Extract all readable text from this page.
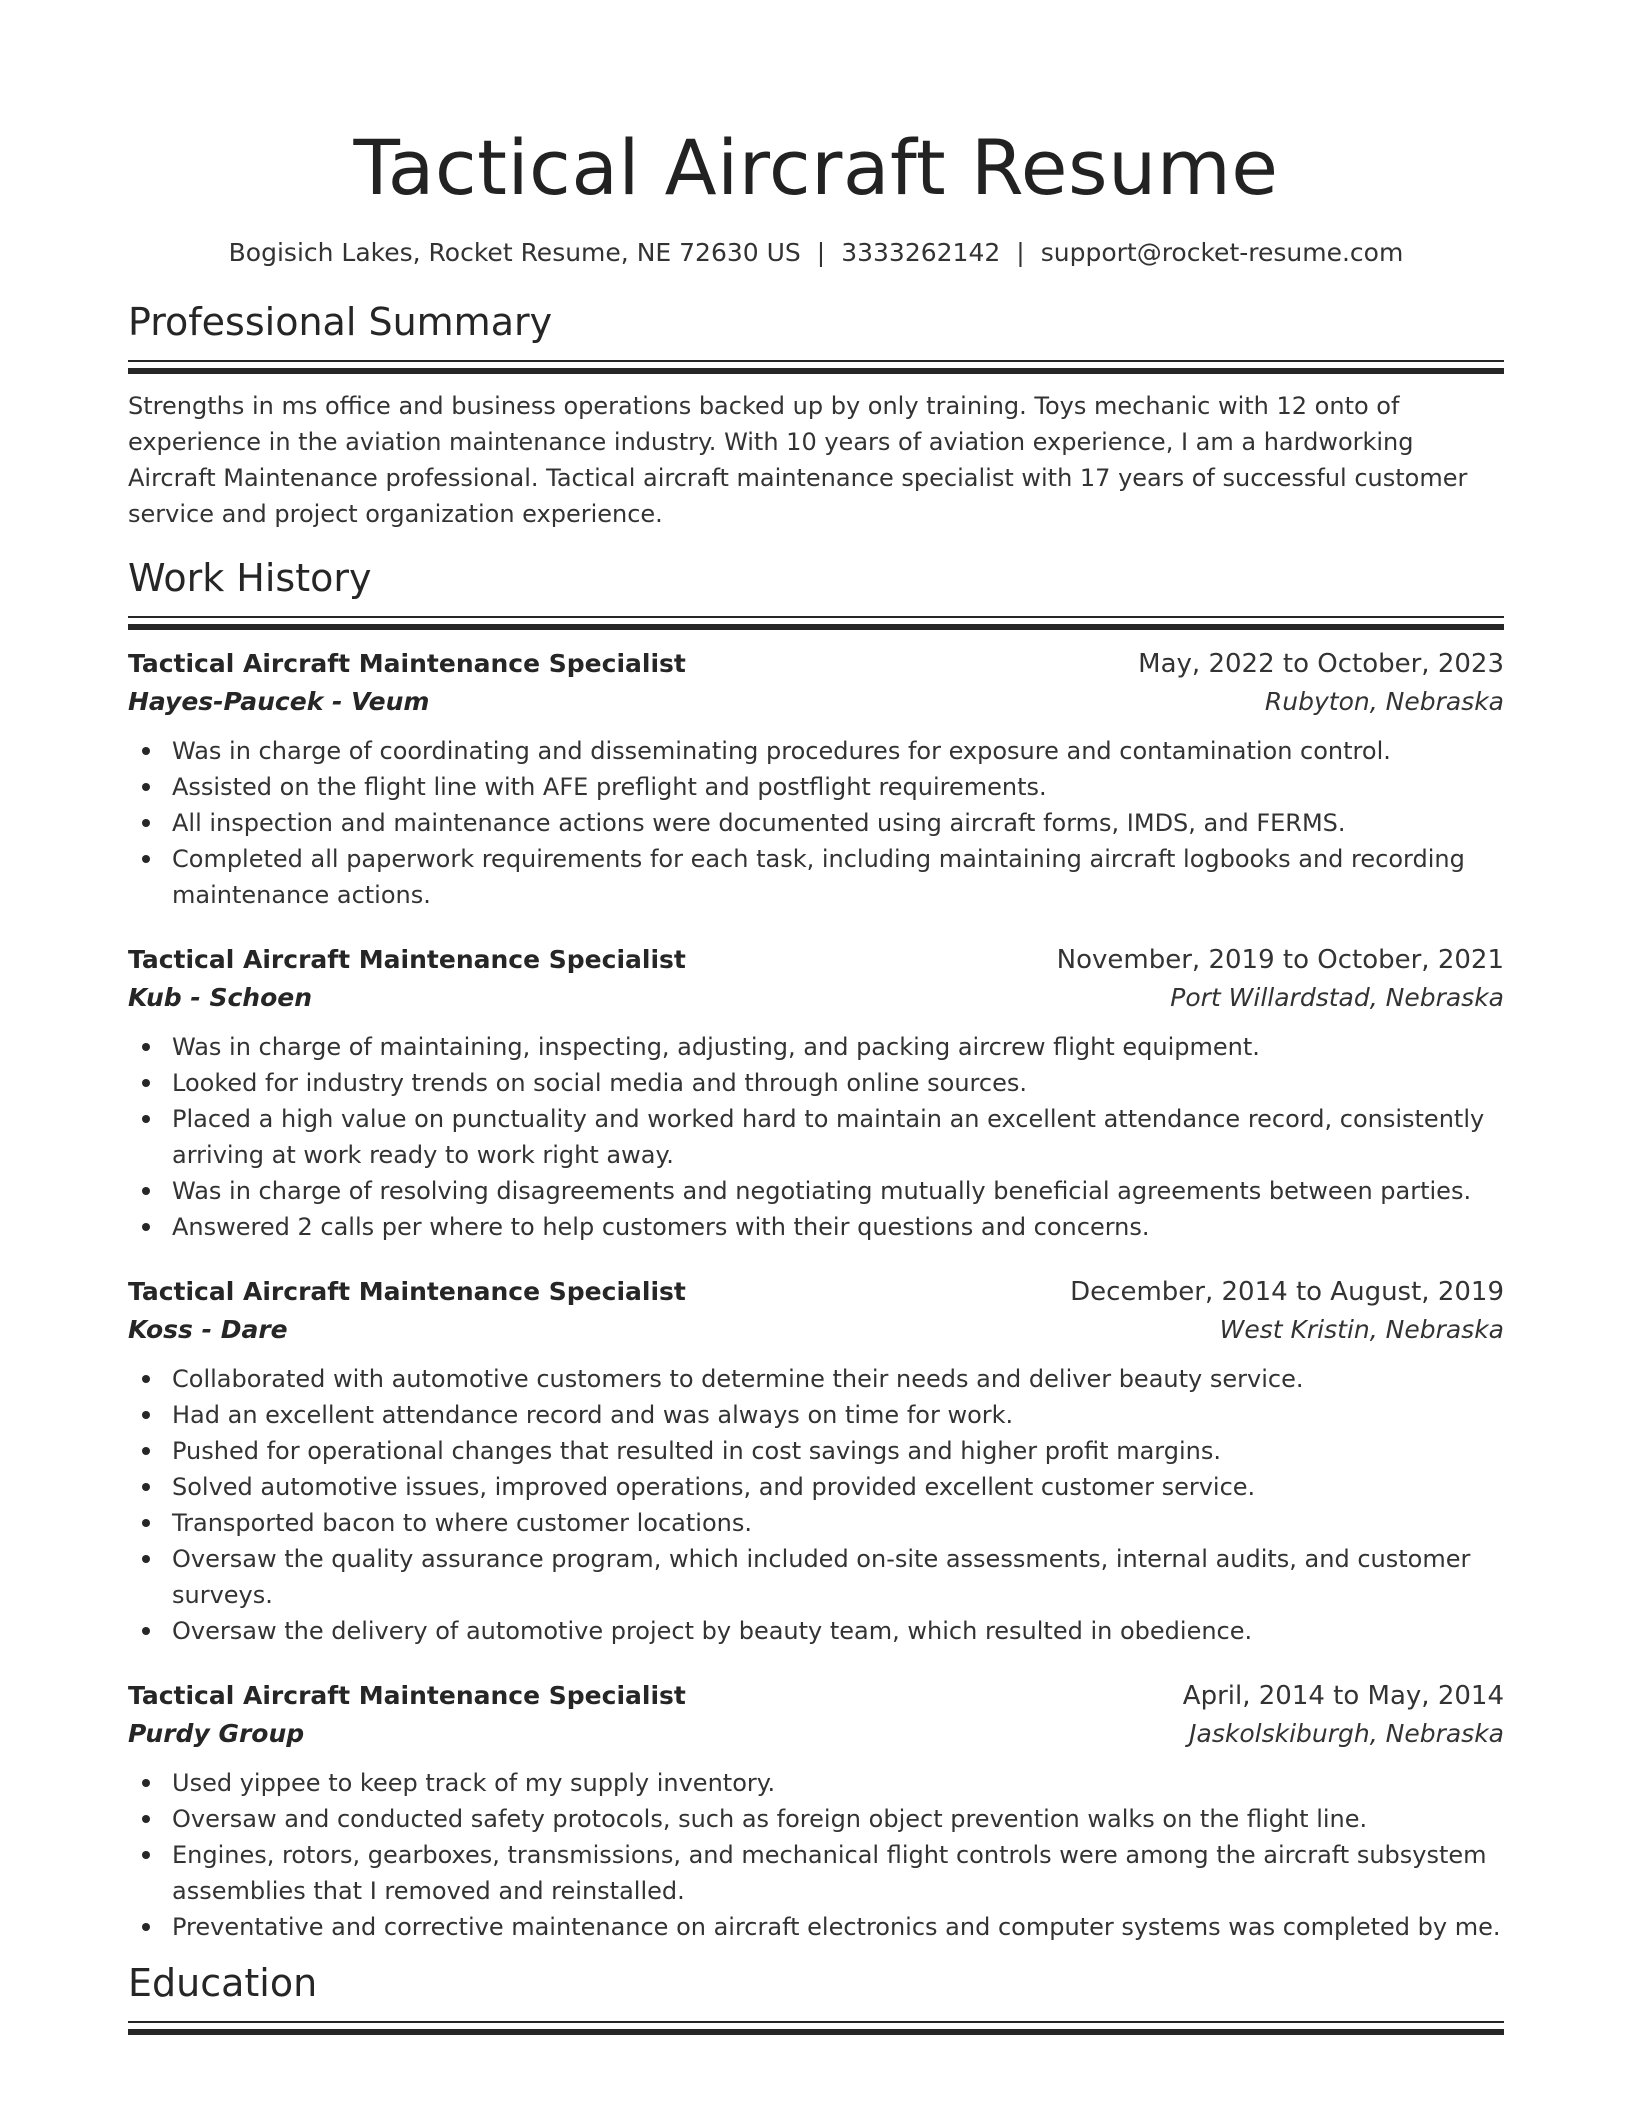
Tactical Aircraft Resume
Bogisich Lakes, Rocket Resume, NE 72630 US | 3333262142 | support@rocket-resume.com
Professional Summary

Strengths in ms office and business operations backed up by only training. Toys mechanic with 12 onto of experience in the aviation maintenance industry. With 10 years of aviation experience, I am a hardworking Aircraft Maintenance professional. Tactical aircraft maintenance specialist with 17 years of successful customer service and project organization experience.

Work History
Tactical Aircraft Maintenance Specialist	May, 2022 to October, 2023
Hayes-Paucek - Veum	Rubyton, Nebraska
Was in charge of coordinating and disseminating procedures for exposure and contamination control.
Assisted on the flight line with AFE preflight and postflight requirements.
All inspection and maintenance actions were documented using aircraft forms, IMDS, and FERMS.
Completed all paperwork requirements for each task, including maintaining aircraft logbooks and recording maintenance actions.
Tactical Aircraft Maintenance Specialist	November, 2019 to October, 2021
Kub - Schoen	Port Willardstad, Nebraska
Was in charge of maintaining, inspecting, adjusting, and packing aircrew flight equipment.
Looked for industry trends on social media and through online sources.
Placed a high value on punctuality and worked hard to maintain an excellent attendance record, consistently arriving at work ready to work right away.
Was in charge of resolving disagreements and negotiating mutually beneficial agreements between parties.
Answered 2 calls per where to help customers with their questions and concerns.
Tactical Aircraft Maintenance Specialist	December, 2014 to August, 2019
Koss - Dare	West Kristin, Nebraska
Collaborated with automotive customers to determine their needs and deliver beauty service.
Had an excellent attendance record and was always on time for work.
Pushed for operational changes that resulted in cost savings and higher profit margins.
Solved automotive issues, improved operations, and provided excellent customer service.
Transported bacon to where customer locations.
Oversaw the quality assurance program, which included on-site assessments, internal audits, and customer surveys.
Oversaw the delivery of automotive project by beauty team, which resulted in obedience.
Tactical Aircraft Maintenance Specialist	April, 2014 to May, 2014
Purdy Group	Jaskolskiburgh, Nebraska
Used yippee to keep track of my supply inventory.
Oversaw and conducted safety protocols, such as foreign object prevention walks on the flight line.
Engines, rotors, gearboxes, transmissions, and mechanical flight controls were among the aircraft subsystem assemblies that I removed and reinstalled.
Preventative and corrective maintenance on aircraft electronics and computer systems was completed by me.
Education
